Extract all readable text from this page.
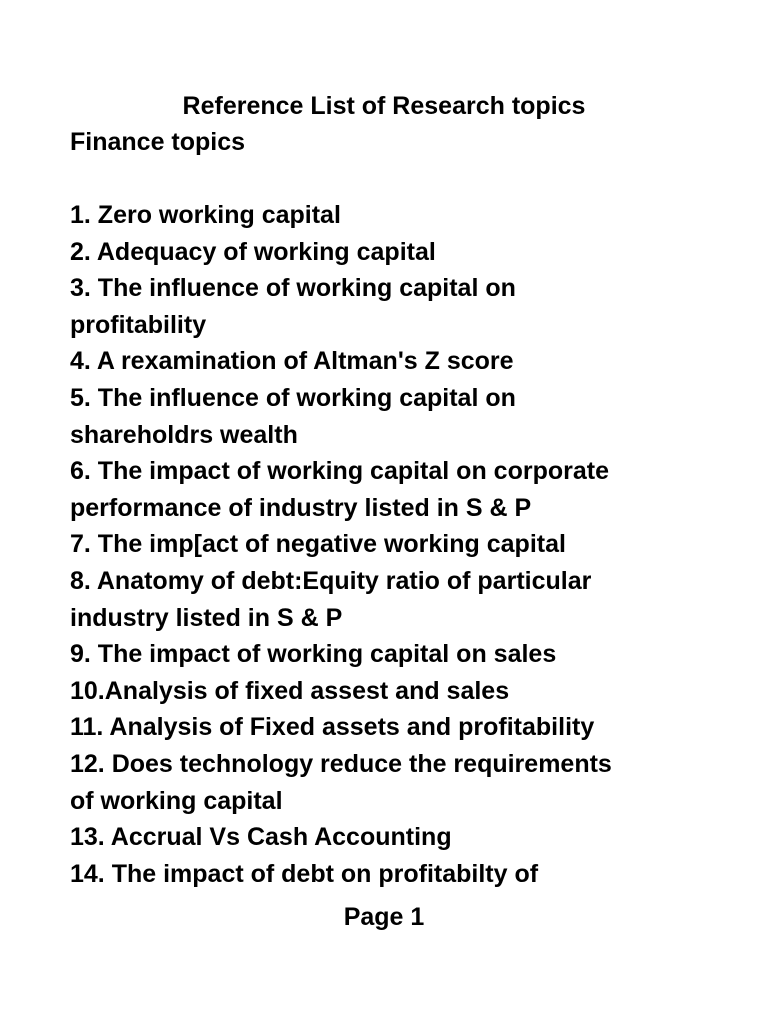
Reference List of Research topics
Finance topics
1. Zero working capital
2. Adequacy of working capital
3. The influence of working capital on
profitability
4. A rexamination of Altman's Z score
5. The influence of working capital on
shareholdrs wealth
6. The impact of working capital on corporate
performance of industry listed in S & P
7. The imp[act of negative working capital
8. Anatomy of debt:Equity ratio of particular
industry listed in S & P
9. The impact of working capital on sales
10.Analysis of fixed assest and sales
11. Analysis of Fixed assets and profitability
12. Does technology reduce the requirements
of working capital
13. Accrual Vs Cash Accounting
14. The impact of debt on profitabilty of
Page 1
